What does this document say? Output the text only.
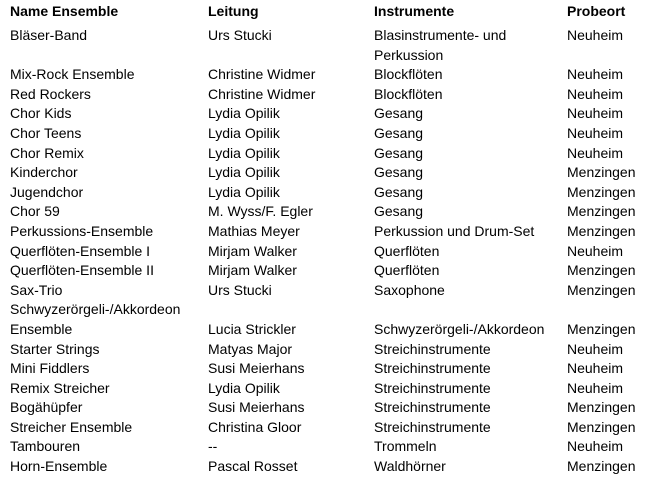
Name Ensemble	Leitung	Instrumente	Probeort
Bläser-Band	Urs Stucki	Blasinstrumente- und Perkussion	Neuheim
Mix-Rock Ensemble	Christine Widmer	Blockflöten	Neuheim
Red Rockers	Christine Widmer	Blockflöten	Neuheim
Chor Kids	Lydia Opilik	Gesang	Neuheim
Chor Teens	Lydia Opilik	Gesang	Neuheim
Chor Remix	Lydia Opilik	Gesang	Neuheim
Kinderchor	Lydia Opilik	Gesang	Menzingen
Jugendchor	Lydia Opilik	Gesang	Menzingen
Chor 59	M. Wyss/F. Egler	Gesang	Menzingen
Perkussions-Ensemble	Mathias Meyer	Perkussion und Drum-Set	Menzingen
Querflöten-Ensemble I	Mirjam Walker	Querflöten	Neuheim
Querflöten-Ensemble II	Mirjam Walker	Querflöten	Menzingen
Sax-Trio	Urs Stucki	Saxophone	Menzingen
Schwyzerörgeli-/Akkordeon Ensemble	Lucia Strickler	Schwyzerörgeli-/Akkordeon	Menzingen
Starter Strings	Matyas Major	Streichinstrumente	Neuheim
Mini Fiddlers	Susi Meierhans	Streichinstrumente	Neuheim
Remix Streicher	Lydia Opilik	Streichinstrumente	Neuheim
Bogähüpfer	Susi Meierhans	Streichinstrumente	Menzingen
Streicher Ensemble	Christina Gloor	Streichinstrumente	Menzingen
Tambouren	--	Trommeln	Neuheim
Horn-Ensemble	Pascal Rosset	Waldhörner	Menzingen
